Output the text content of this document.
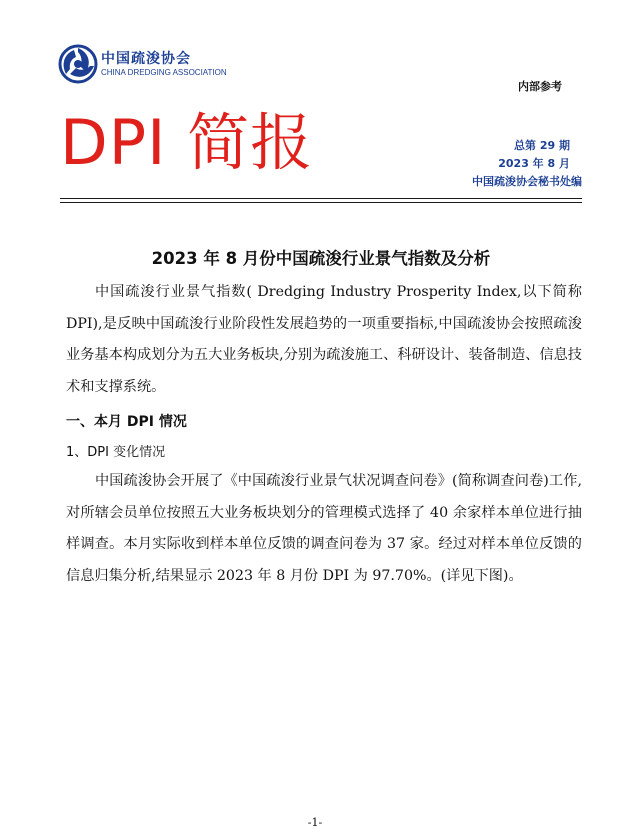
中国疏浚协会
CHINA DREDGING ASSOCIATION
内部参考
DPI 简报	总第 29 期
2023 年 8 月
中国疏浚协会秘书处编
2023 年 8 月份中国疏浚行业景气指数及分析
中国疏浚行业景气指数( Dredging Industry Prosperity Index,以下简称 DPI),是反映中国疏浚行业阶段性发展趋势的一项重要指标,中国疏浚协会按照疏浚业务基本构成划分为五大业务板块,分别为疏浚施工、科研设计、装备制造、信息技术和支撑系统。
一、本月 DPI 情况
1、DPI 变化情况
中国疏浚协会开展了《中国疏浚行业景气状况调查问卷》(简称调查问卷)工作,对所辖会员单位按照五大业务板块划分的管理模式选择了 40 余家样本单位进行抽样调查。本月实际收到样本单位反馈的调查问卷为 37 家。经过对样本单位反馈的信息归集分析,结果显示 2023 年 8 月份 DPI 为 97.70%。(详见下图)。
-1-
